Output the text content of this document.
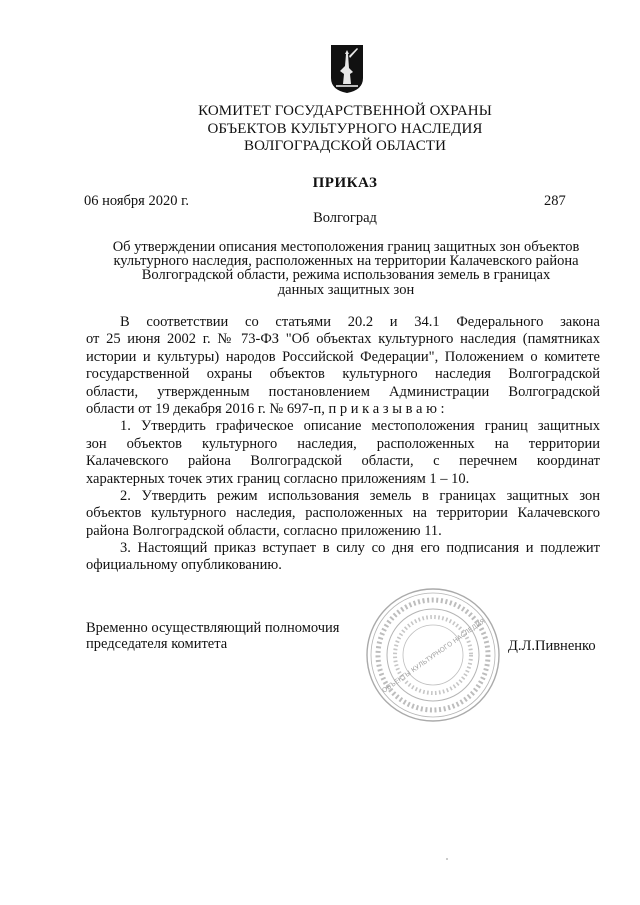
КОМИТЕТ ГОСУДАРСТВЕННОЙ ОХРАНЫ
ОБЪЕКТОВ КУЛЬТУРНОГО НАСЛЕДИЯ
ВОЛГОГРАДСКОЙ ОБЛАСТИ
ПРИКАЗ
06 ноября 2020 г.	287
Волгоград
Об утверждении описания местоположения границ защитных зон объектов
культурного наследия, расположенных на территории Калачевского района
Волгоградской области, режима использования земель в границах
данных защитных зон
В соответствии со статьями 20.2 и 34.1 Федерального закона
от 25 июня 2002 г. № 73-ФЗ "Об объектах культурного наследия (памятниках
истории и культуры) народов Российской Федерации", Положением о комитете
государственной охраны объектов культурного наследия Волгоградской
области, утвержденным постановлением Администрации Волгоградской
области от 19 декабря 2016 г. № 697-п, п р и к а з ы в а ю :
1. Утвердить графическое описание местоположения границ защитных
зон объектов культурного наследия, расположенных на территории
Калачевского района Волгоградской области, с перечнем координат
характерных точек этих границ согласно приложениям 1 – 10.
2. Утвердить режим использования земель в границах защитных зон
объектов культурного наследия, расположенных на территории Калачевского
района Волгоградской области, согласно приложению 11.
3. Настоящий приказ вступает в силу со дня его подписания и подлежит
официальному опубликованию.
ОБЪЕКТЫ КУЛЬТУРНОГО НАСЛЕДИЯ
Временно осуществляющий полномочия
председателя комитета	Д.Л.Пивненко
